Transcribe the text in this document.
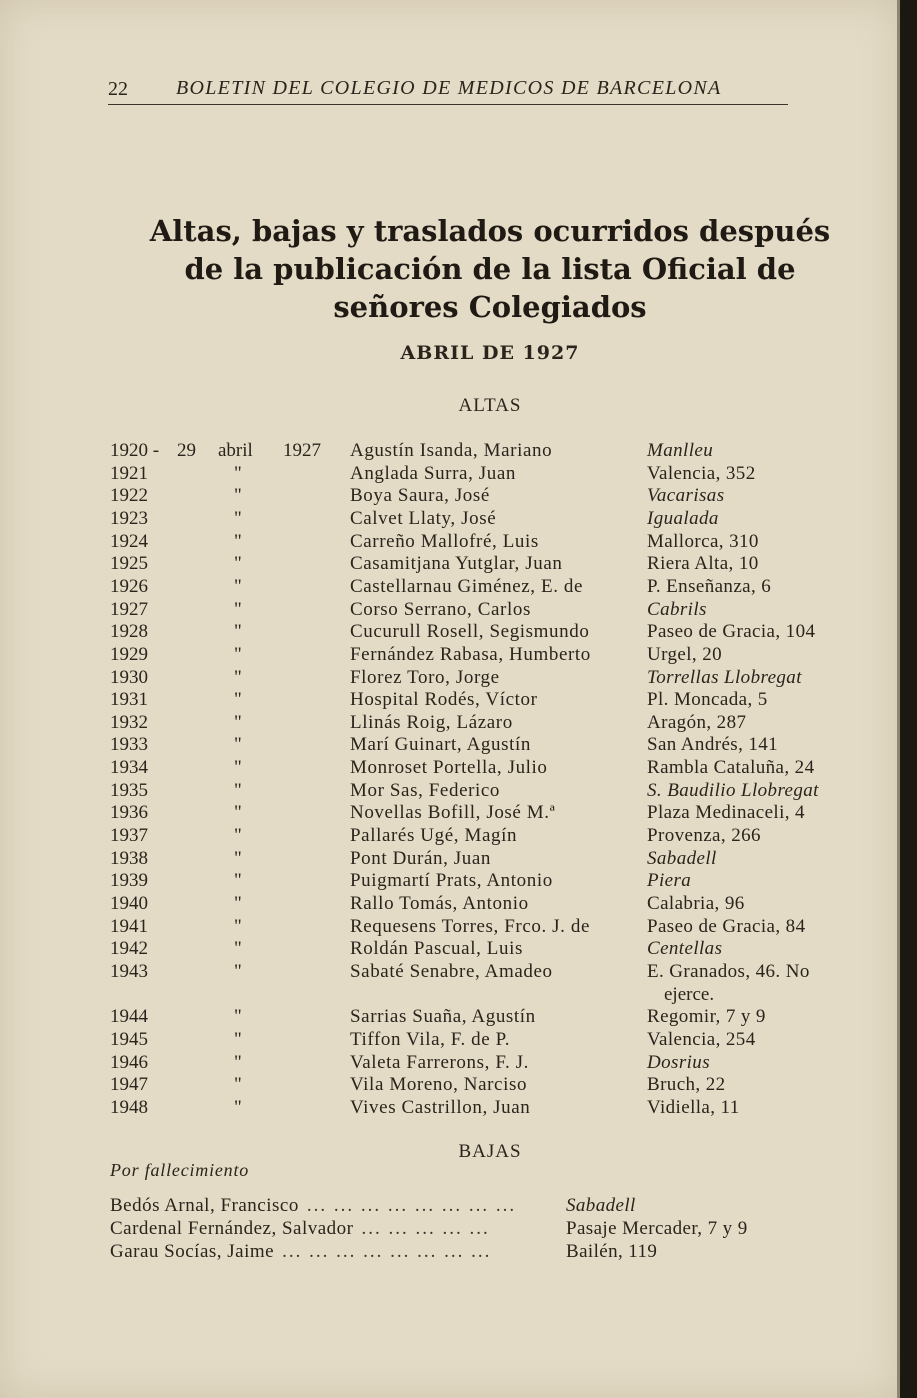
22 BOLETIN DEL COLEGIO DE MEDICOS DE BARCELONA
Altas, bajas y traslados ocurridos después
de la publicación de la lista Oficial de
señores Colegiados
ABRIL DE 1927
ALTAS
1920 - 29 abril 1927 Agustín Isanda, Mariano	Manlleu
1921	"	Anglada Surra, Juan	Valencia, 352
1922	"	Boya Saura, José	Vacarisas
1923	"	Calvet Llaty, José	Igualada
1924	"	Carreño Mallofré, Luis	Mallorca, 310
1925	"	Casamitjana Yutglar, Juan	Riera Alta, 10
1926	"	Castellarnau Giménez, E. de	P. Enseñanza, 6
1927	"	Corso Serrano, Carlos	Cabrils
1928	"	Cucurull Rosell, Segismundo	Paseo de Gracia, 104
1929	"	Fernández Rabasa, Humberto	Urgel, 20
1930	"	Florez Toro, Jorge	Torrellas Llobregat
1931	"	Hospital Rodés, Víctor	Pl. Moncada, 5
1932	"	Llinás Roig, Lázaro	Aragón, 287
1933	"	Marí Guinart, Agustín	San Andrés, 141
1934	"	Monroset Portella, Julio	Rambla Cataluña, 24
1935	"	Mor Sas, Federico	S. Baudilio Llobregat
1936	"	Novellas Bofill, José M.ª	Plaza Medinaceli, 4
1937	"	Pallarés Ugé, Magín	Provenza, 266
1938	"	Pont Durán, Juan	Sabadell
1939	"	Puigmartí Prats, Antonio	Piera
1940	"	Rallo Tomás, Antonio	Calabria, 96
1941	"	Requesens Torres, Frco. J. de	Paseo de Gracia, 84
1942	"	Roldán Pascual, Luis	Centellas
1943	"	Sabaté Senabre, Amadeo	E. Granados, 46. No
ejerce.
1944	"	Sarrias Suaña, Agustín	Regomir, 7 y 9
1945	"	Tiffon Vila, F. de P.	Valencia, 254
1946	"	Valeta Farrerons, F. J.	Dosrius
1947	"	Vila Moreno, Narciso	Bruch, 22
1948	"	Vives Castrillon, Juan	Vidiella, 11
BAJAS
Por fallecimiento
Bedós Arnal, Francisco ... ... ... ... ... ... ... ...	Sabadell
Cardenal Fernández, Salvador ... ... ... ... ...	Pasaje Mercader, 7 y 9
Garau Socías, Jaime ... ... ... ... ... ... ... ...	Bailén, 119
